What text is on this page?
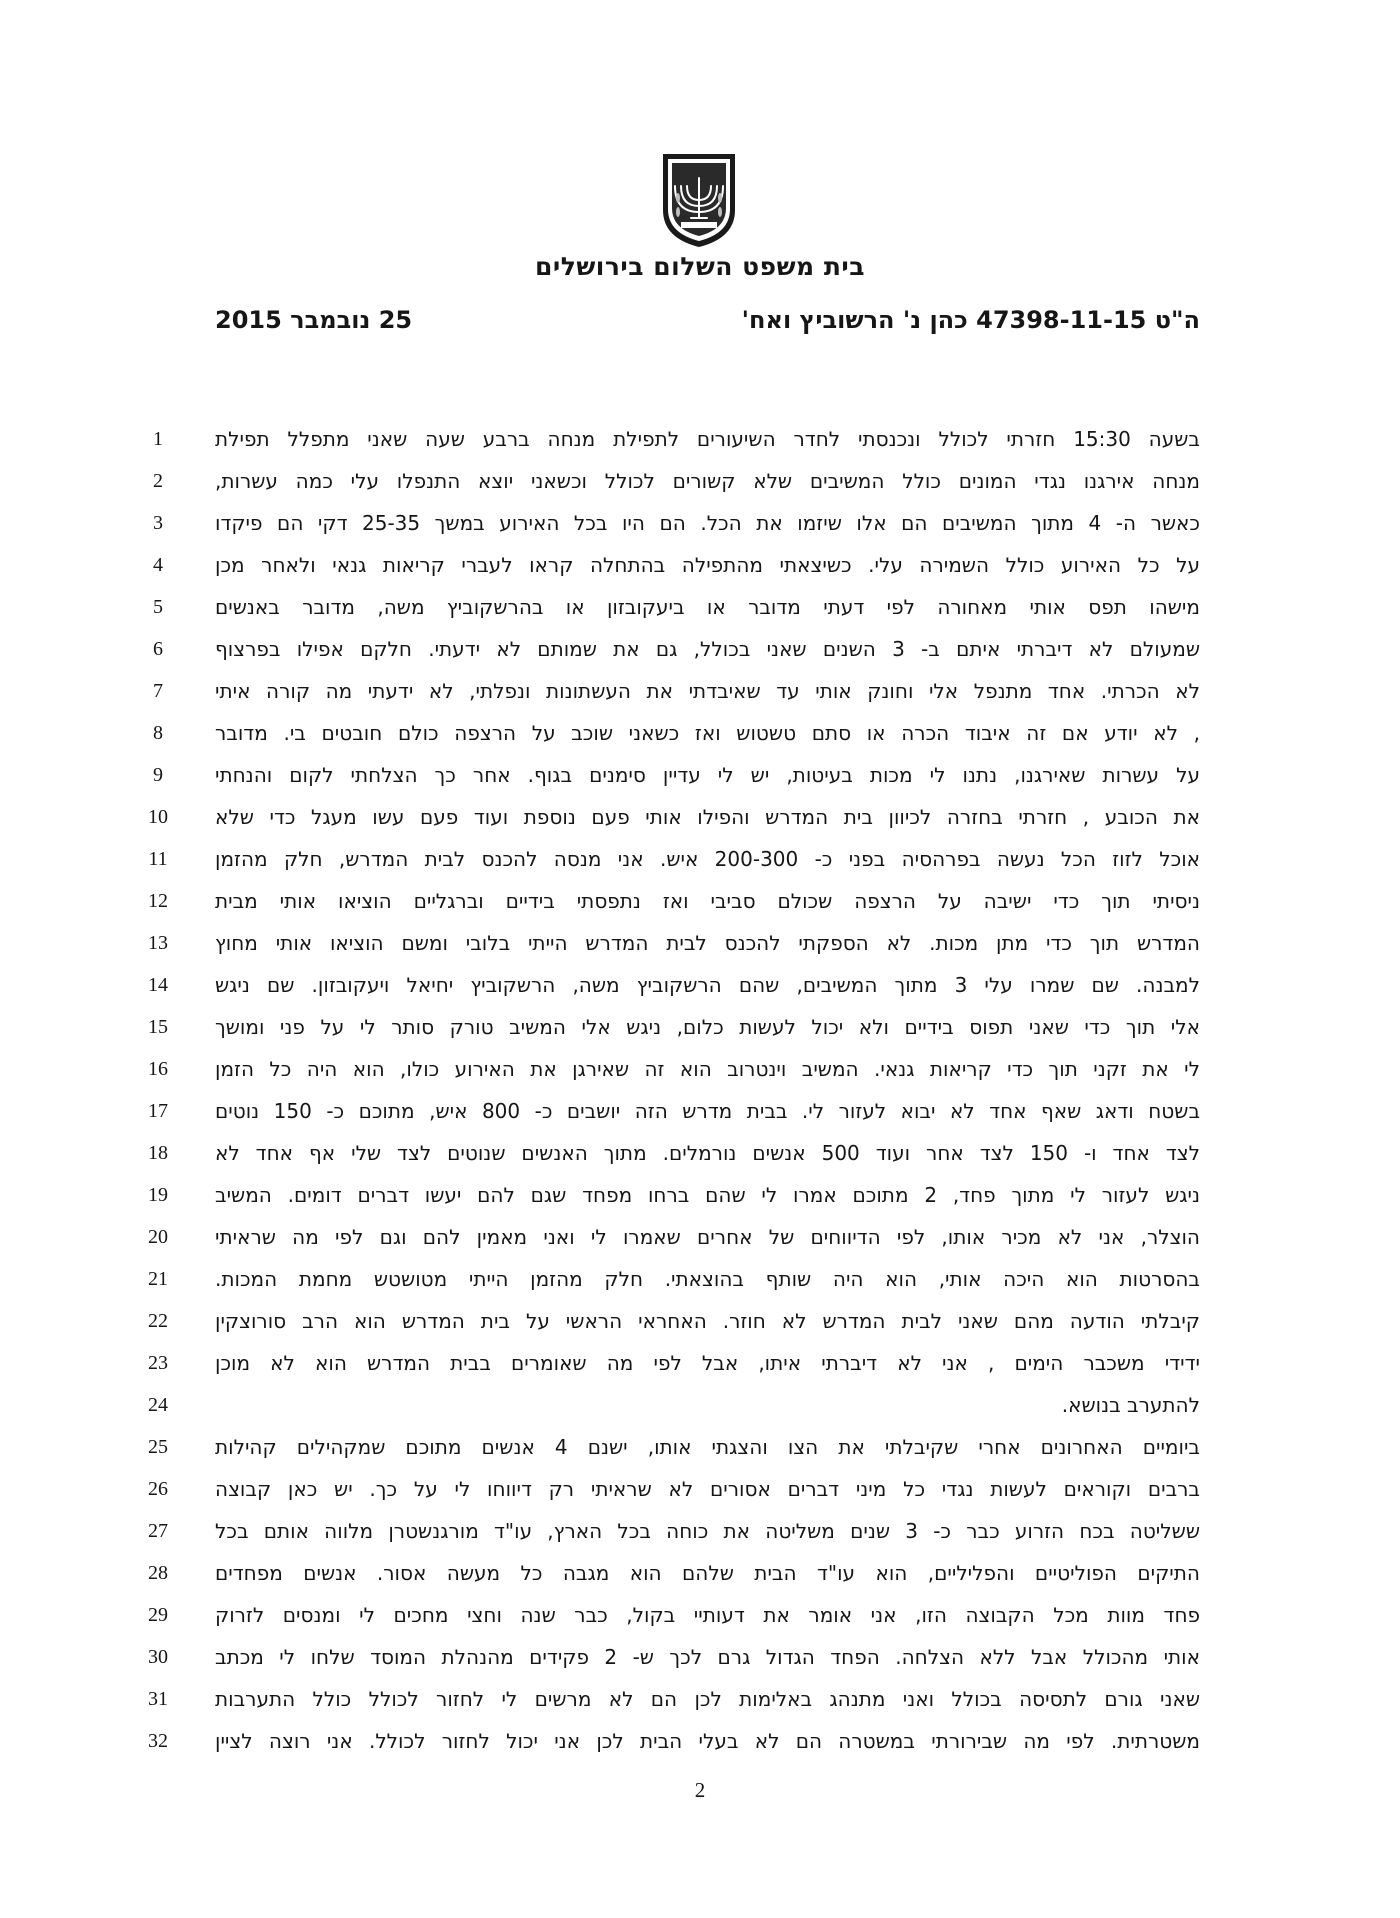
בית משפט השלום בירושלים
ה"ט 47398-11-15 כהן נ' הרשוביץ ואח'
25 נובמבר 2015
בשעה 15:30 חזרתי לכולל ונכנסתי לחדר השיעורים לתפילת מנחה ברבע שעה שאני מתפלל תפילת
1
מנחה אירגנו נגדי המונים כולל המשיבים שלא קשורים לכולל וכשאני יוצא התנפלו עלי כמה עשרות,
2
כאשר ה- 4 מתוך המשיבים הם אלו שיזמו את הכל. הם היו בכל האירוע במשך 25-35 דקי הם פיקדו
3
על כל האירוע כולל השמירה עלי. כשיצאתי מהתפילה בהתחלה קראו לעברי קריאות גנאי ולאחר מכן
4
מישהו תפס אותי מאחורה לפי דעתי מדובר או ביעקובזון או בהרשקוביץ משה, מדובר באנשים
5
שמעולם לא דיברתי איתם ב- 3 השנים שאני בכולל, גם את שמותם לא ידעתי. חלקם אפילו בפרצוף
6
לא הכרתי. אחד מתנפל אלי וחונק אותי עד שאיבדתי את העשתונות ונפלתי, לא ידעתי מה קורה איתי
7
, לא יודע אם זה איבוד הכרה או סתם טשטוש ואז כשאני שוכב על הרצפה כולם חובטים בי. מדובר
8
על עשרות שאירגנו, נתנו לי מכות בעיטות, יש לי עדיין סימנים בגוף. אחר כך הצלחתי לקום והנחתי
9
את הכובע , חזרתי בחזרה לכיוון בית המדרש והפילו אותי פעם נוספת ועוד פעם עשו מעגל כדי שלא
10
אוכל לזוז הכל נעשה בפרהסיה בפני כ- 200-300 איש. אני מנסה להכנס לבית המדרש, חלק מהזמן
11
ניסיתי תוך כדי ישיבה על הרצפה שכולם סביבי ואז נתפסתי בידיים וברגליים הוציאו אותי מבית
12
המדרש תוך כדי מתן מכות. לא הספקתי להכנס לבית המדרש הייתי בלובי ומשם הוציאו אותי מחוץ
13
למבנה. שם שמרו עלי 3 מתוך המשיבים, שהם הרשקוביץ משה, הרשקוביץ יחיאל ויעקובזון. שם ניגש
14
אלי תוך כדי שאני תפוס בידיים ולא יכול לעשות כלום, ניגש אלי המשיב טורק סותר לי על פני ומושך
15
לי את זקני תוך כדי קריאות גנאי. המשיב וינטרוב הוא זה שאירגן את האירוע כולו, הוא היה כל הזמן
16
בשטח ודאג שאף אחד לא יבוא לעזור לי. בבית מדרש הזה יושבים כ- 800 איש, מתוכם כ- 150 נוטים
17
לצד אחד ו- 150 לצד אחר ועוד 500 אנשים נורמלים. מתוך האנשים שנוטים לצד שלי אף אחד לא
18
ניגש לעזור לי מתוך פחד, 2 מתוכם אמרו לי שהם ברחו מפחד שגם להם יעשו דברים דומים. המשיב
19
הוצלר, אני לא מכיר אותו, לפי הדיווחים של אחרים שאמרו לי ואני מאמין להם וגם לפי מה שראיתי
20
בהסרטות הוא היכה אותי, הוא היה שותף בהוצאתי. חלק מהזמן הייתי מטושטש מחמת המכות.
21
קיבלתי הודעה מהם שאני לבית המדרש לא חוזר. האחראי הראשי על בית המדרש הוא הרב סורוצקין
22
ידידי משכבר הימים , אני לא דיברתי איתו, אבל לפי מה שאומרים בבית המדרש הוא לא מוכן
23
להתערב בנושא.
24
ביומיים האחרונים אחרי שקיבלתי את הצו והצגתי אותו, ישנם 4 אנשים מתוכם שמקהילים קהילות
25
ברבים וקוראים לעשות נגדי כל מיני דברים אסורים לא שראיתי רק דיווחו לי על כך. יש כאן קבוצה
26
ששליטה בכח הזרוע כבר כ- 3 שנים משליטה את כוחה בכל הארץ, עו"ד מורגנשטרן מלווה אותם בכל
27
התיקים הפוליטיים והפליליים, הוא עו"ד הבית שלהם הוא מגבה כל מעשה אסור. אנשים מפחדים
28
פחד מוות מכל הקבוצה הזו, אני אומר את דעותיי בקול, כבר שנה וחצי מחכים לי ומנסים לזרוק
29
אותי מהכולל אבל ללא הצלחה. הפחד הגדול גרם לכך ש- 2 פקידים מהנהלת המוסד שלחו לי מכתב
30
שאני גורם לתסיסה בכולל ואני מתנהג באלימות לכן הם לא מרשים לי לחזור לכולל כולל התערבות
31
משטרתית. לפי מה שבירורתי במשטרה הם לא בעלי הבית לכן אני יכול לחזור לכולל. אני רוצה לציין
32
2
